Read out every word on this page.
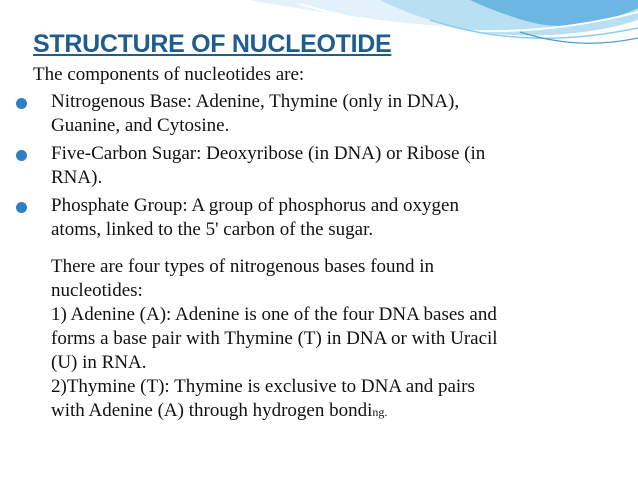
STRUCTURE OF NUCLEOTIDE
The components of nucleotides are:
Nitrogenous Base: Adenine, Thymine (only in DNA),
Guanine, and Cytosine.
Five-Carbon Sugar: Deoxyribose (in DNA) or Ribose (in
RNA).
Phosphate Group: A group of phosphorus and oxygen
atoms, linked to the 5' carbon of the sugar.
There are four types of nitrogenous bases found in
nucleotides:
1) Adenine (A): Adenine is one of the four DNA bases and
forms a base pair with Thymine (T) in DNA or with Uracil
(U) in RNA.
2)Thymine (T): Thymine is exclusive to DNA and pairs
with Adenine (A) through hydrogen bonding.
